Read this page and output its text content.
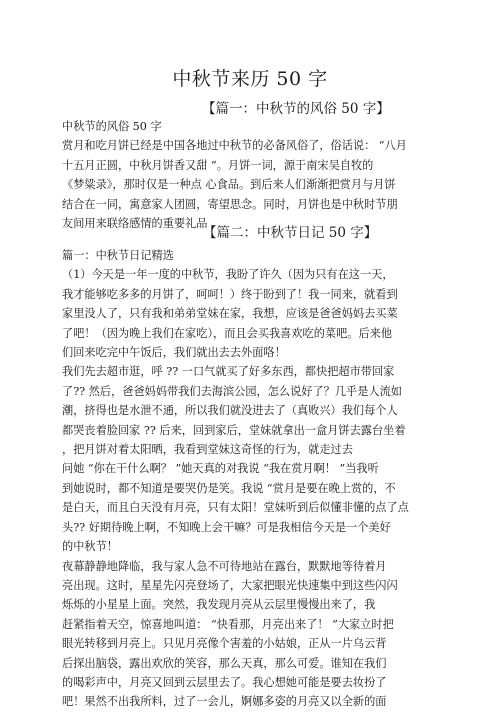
中秋节来历 50 字
【篇一：中秋节的风俗 50 字】
中秋节的风俗 50 字
赏月和吃月饼已经是中国各地过中秋节的必备风俗了，俗话说： “八月
十五月正圆，中秋月饼香又甜 ”。月饼一词，源于南宋吴自牧的
《梦粱录》，那时仅是一种点 心食品。到后来人们渐渐把赏月与月饼
结合在一同，寓意家人团圆，寄望思念。同时，月饼也是中秋时节朋
友间用来联络感情的重要礼品
【篇二：中秋节日记 50 字】
篇一：中秋节日记精选
（1）今天是一年一度的中秋节，我盼了许久（因为只有在这一天，
我才能够吃多多的月饼了，呵呵！）终于盼到了！我一同来，就看到
家里没人了，只有我和弟弟堂妹在家，我想，应该是爸爸妈妈去买菜
了吧！（因为晚上我们在家吃），而且会买我喜欢吃的菜吧。后来他
们回来吃完中午饭后，我们就出去去外面咯！
我们先去超市逛，呼 ?? 一口气就买了好多东西，都快把超市带回家
了?? 然后，爸爸妈妈带我们去海滨公园，怎么说好了？几乎是人流如
潮，挤得也是水泄不通，所以我们就没进去了（真败兴）我们每个人
都哭丧着脸回家 ?? 后来，回到家后，堂妹就拿出一盒月饼去露台坐着
，把月饼对着太阳晒，我看到堂妹这奇怪的行为，就走过去
问她 “你在干什么啊？ ”她天真的对我说 “我在赏月啊！ ”当我听
到她说时，都不知道是要哭仍是笑。我说 “赏月是要在晚上赏的，不
是白天，而且白天没有月亮，只有太阳！堂妹听到后似懂非懂的点了点
头?? 好期待晚上啊，不知晚上会干嘛？可是我相信今天是一个美好
的中秋节！
夜幕静静地降临，我与家人急不可待地站在露台，默默地等待着月
亮出现。这时，星星先闪亮登场了，大家把眼光快速集中到这些闪闪
烁烁的小星星上面。突然，我发现月亮从云层里慢慢出来了，我
赶紧指着天空，惊喜地叫道： “快看那，月亮出来了！ ”大家立时把
眼光转移到月亮上。只见月亮像个害羞的小姑娘，正从一片乌云背
后探出脑袋，露出欢欣的笑容，那么天真，那么可爱。谁知在我们
的喝彩声中，月亮又回到云层里去了。我心想她可能是要去妆扮了
吧！果然不出我所料，过了一会儿，婀娜多姿的月亮又以全新的面
